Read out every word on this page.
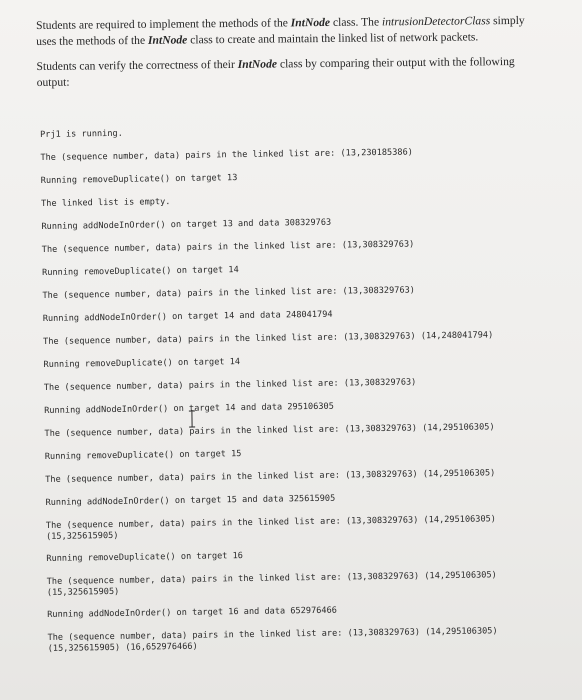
Students are required to implement the methods of the IntNode class. The intrusionDetectorClass simply uses the methods of the IntNode class to create and maintain the linked list of network packets.

Students can verify the correctness of their IntNode class by comparing their output with the following output:

Prj1 is running.

The (sequence number, data) pairs in the linked list are: (13,230185386)

Running removeDuplicate() on target 13

The linked list is empty.

Running addNodeInOrder() on target 13 and data 308329763

The (sequence number, data) pairs in the linked list are: (13,308329763)

Running removeDuplicate() on target 14

The (sequence number, data) pairs in the linked list are: (13,308329763)

Running addNodeInOrder() on target 14 and data 248041794

The (sequence number, data) pairs in the linked list are: (13,308329763) (14,248041794)

Running removeDuplicate() on target 14

The (sequence number, data) pairs in the linked list are: (13,308329763)

Running addNodeInOrder() on target 14 and data 295106305

The (sequence number, data) pairs in the linked list are: (13,308329763) (14,295106305)

Running removeDuplicate() on target 15

The (sequence number, data) pairs in the linked list are: (13,308329763) (14,295106305)

Running addNodeInOrder() on target 15 and data 325615905

The (sequence number, data) pairs in the linked list are: (13,308329763) (14,295106305) (15,325615905)

Running removeDuplicate() on target 16

The (sequence number, data) pairs in the linked list are: (13,308329763) (14,295106305) (15,325615905)

Running addNodeInOrder() on target 16 and data 652976466

The (sequence number, data) pairs in the linked list are: (13,308329763) (14,295106305) (15,325615905) (16,652976466)
